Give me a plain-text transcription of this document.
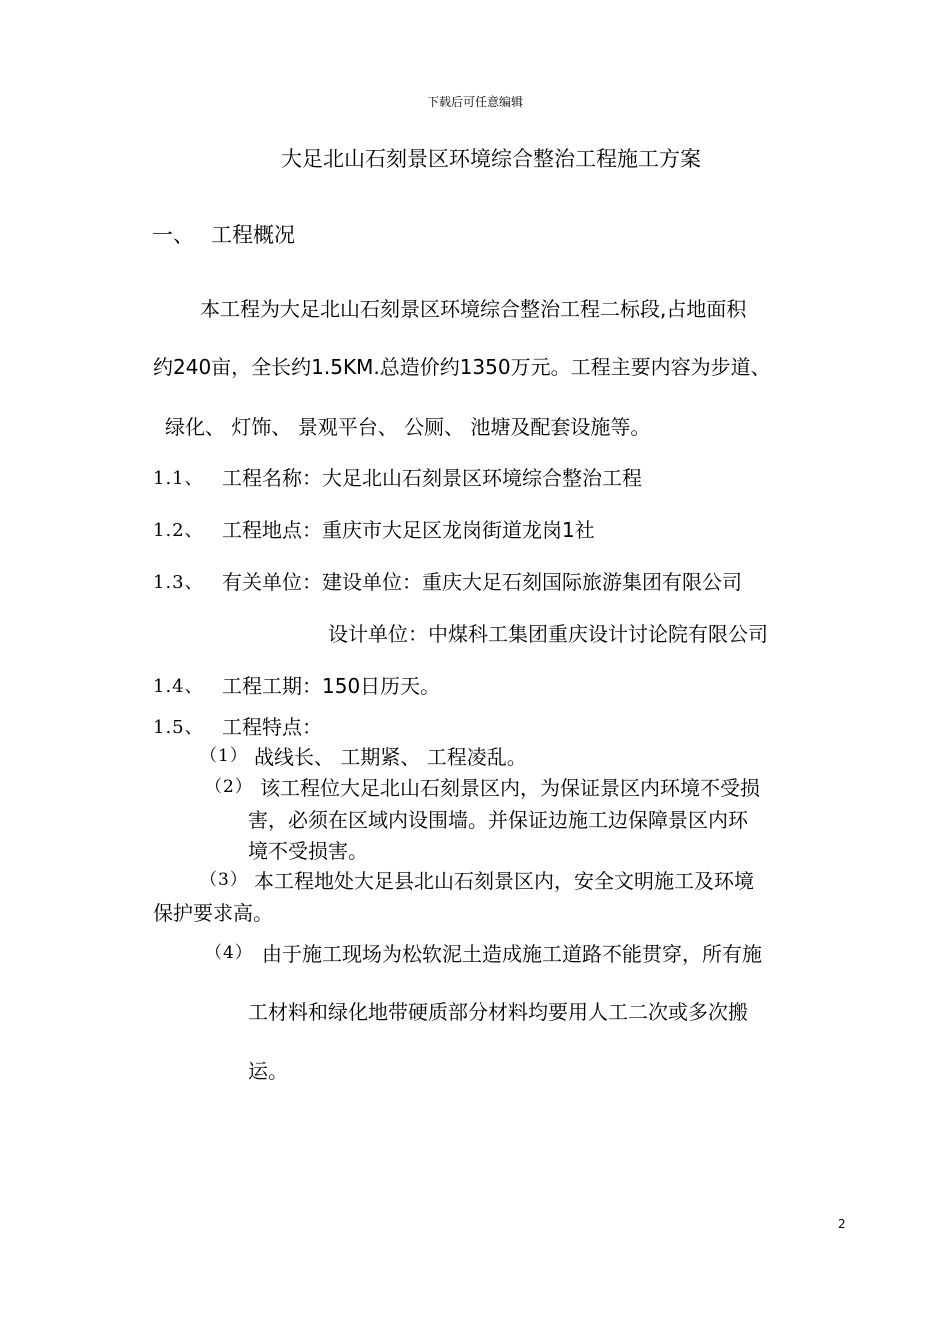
下载后可任意编辑
大足北山石刻景区环境综合整治工程施工方案
一、 工程概况
本工程为大足北山石刻景区环境综合整治工程二标段,占地面积
约240亩，全长约1.5KM.总造价约1350万元。工程主要内容为步道、
绿化、 灯饰、 景观平台、 公厕、 池塘及配套设施等。
1.1、 工程名称：大足北山石刻景区环境综合整治工程
1.2、 工程地点：重庆市大足区龙岗街道龙岗1社
1.3、 有关单位：建设单位：重庆大足石刻国际旅游集团有限公司
设计单位：中煤科工集团重庆设计讨论院有限公司
1.4、 工程工期：150日历天。
1.5、 工程特点：
（1） 战线长、 工期紧、 工程凌乱。
（2） 该工程位大足北山石刻景区内，为保证景区内环境不受损
害，必须在区域内设围墙。并保证边施工边保障景区内环
境不受损害。
（3） 本工程地处大足县北山石刻景区内，安全文明施工及环境
保护要求高。
（4） 由于施工现场为松软泥土造成施工道路不能贯穿，所有施
工材料和绿化地带硬质部分材料均要用人工二次或多次搬
运。
2
